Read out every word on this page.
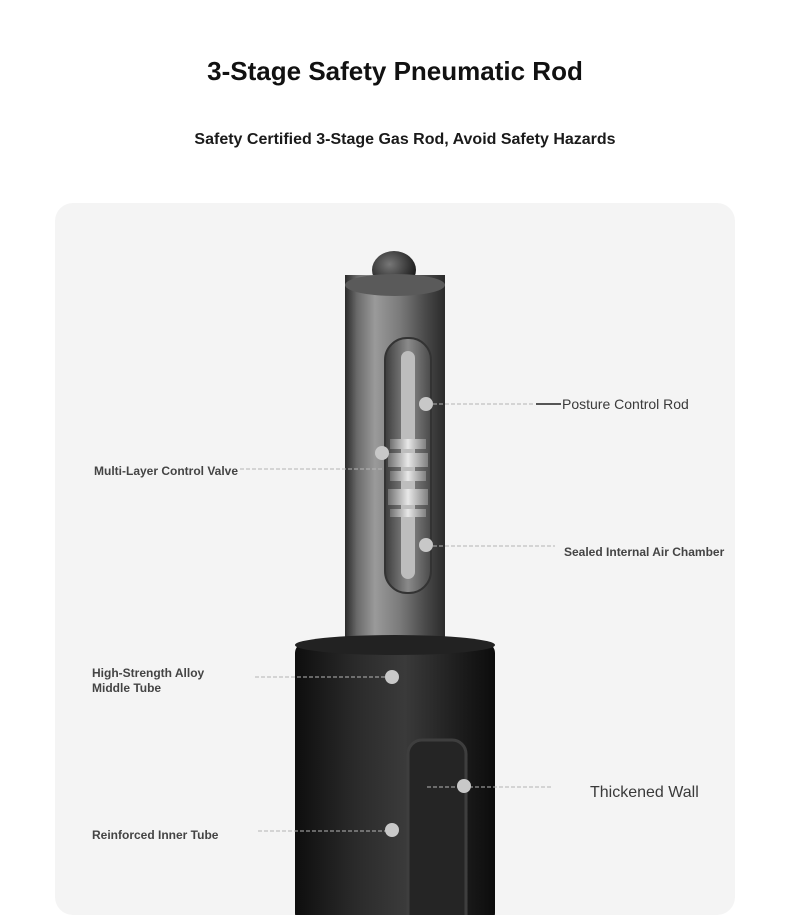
3-Stage Safety Pneumatic Rod

Safety Certified 3-Stage Gas Rod, Avoid Safety Hazards

Posture Control Rod
Multi-Layer Control Valve
Sealed Internal Air Chamber
High-Strength Alloy Middle Tube
Thickened Wall
Reinforced Inner Tube
